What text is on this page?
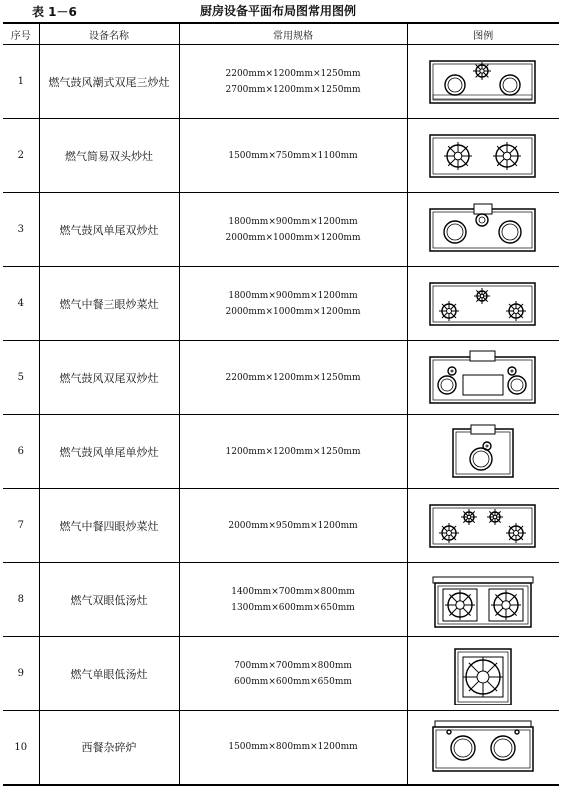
表 1－6	厨房设备平面布局图常用图例
序号	设备名称	常用规格	图例
1	燃气鼓风潮式双尾三炒灶	2200mm×1200mm×1250mm
2700mm×1200mm×1250mm

2	燃气简易双头炒灶	1500mm×750mm×1100mm

3	燃气鼓风单尾双炒灶	1800mm×900mm×1200mm
2000mm×1000mm×1200mm

4	燃气中餐三眼炒菜灶	1800mm×900mm×1200mm
2000mm×1000mm×1200mm

5	燃气鼓风双尾双炒灶	2200mm×1200mm×1250mm

6	燃气鼓风单尾单炒灶	1200mm×1200mm×1250mm

7	燃气中餐四眼炒菜灶	2000mm×950mm×1200mm

8	燃气双眼低汤灶	1400mm×700mm×800mm
1300mm×600mm×650mm

9	燃气单眼低汤灶	700mm×700mm×800mm
600mm×600mm×650mm

10	西餐杂碎炉	1500mm×800mm×1200mm
